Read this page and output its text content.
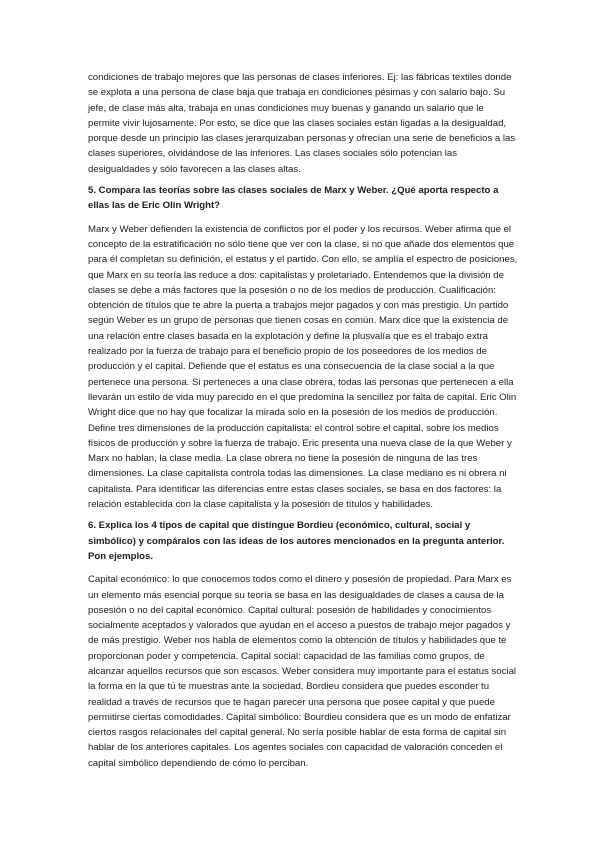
condiciones de trabajo mejores que las personas de clases inferiores. Ej: las fábricas textiles donde se explota a una persona de clase baja que trabaja en condiciones pésimas y con salario bajo. Su jefe, de clase más alta, trabaja en unas condiciones muy buenas y ganando un salario que le permite vivir lujosamente. Por esto, se dice que las clases sociales están ligadas a la desigualdad, porque desde un principio las clases jerarquizaban personas y ofrecían una serie de beneficios a las clases superiores, olvidándose de las inferiores. Las clases sociales sólo potencian las desigualdades y sólo favorecen a las clases altas.

5. Compara las teorías sobre las clases sociales de Marx y Weber. ¿Qué aporta respecto a ellas las de Eric Olin Wright?

Marx y Weber defienden la existencia de conflictos por el poder y los recursos. Weber afirma que el concepto de la estratificación no sólo tiene que ver con la clase, si no que añade dos elementos que para él completan su definición, el estatus y el partido. Con ello, se amplía el espectro de posiciones, que Marx en su teoría las reduce a dos: capitalistas y proletariado. Entendemos que la división de clases se debe a más factores que la posesión o no de los medios de producción. Cualificación: obtención de títulos que te abre la puerta a trabajos mejor pagados y con más prestigio. Un partido según Weber es un grupo de personas que tienen cosas en común. Marx dice que la existencia de una relación entre clases basada en la explotación y define la plusvalía que es el trabajo extra realizado por la fuerza de trabajo para el beneficio propio de los poseedores de los medios de producción y el capital. Defiende que el estatus es una consecuencia de la clase social a la que pertenece una persona. Si perteneces a una clase obrera, todas las personas que pertenecen a ella llevarán un estilo de vida muy parecido en el que predomina la sencillez por falta de capital. Eric Olin Wright dice que no hay que focalizar la mirada solo en la posesión de los medios de producción. Define tres dimensiones de la producción capitalista: el control sobre el capital, sobre los medios físicos de producción y sobre la fuerza de trabajo. Eric presenta una nueva clase de la que Weber y Marx no hablan, la clase media. La clase obrera no tiene la posesión de ninguna de las tres dimensiones. La clase capitalista controla todas las dimensiones. La clase mediano es ni obrera ni capitalista. Para identificar las diferencias entre estas clases sociales, se basa en dos factores: la relación establecida con la clase capitalista y la posesión de títulos y habilidades.

6. Explica los 4 tipos de capital que distingue Bordieu (económico, cultural, social y simbólico) y compáralos con las ideas de los autores mencionados en la pregunta anterior. Pon ejemplos.

Capital económico: lo que conocemos todos como el dinero y posesión de propiedad. Para Marx es un elemento más esencial porque su teoría se basa en las desigualdades de clases a causa de la posesión o no del capital económico. Capital cultural: posesión de habilidades y conocimientos socialmente aceptados y valorados que ayudan en el acceso a puestos de trabajo mejor pagados y de más prestigio. Weber nos habla de elementos como la obtención de títulos y habilidades que te proporcionan poder y competencia. Capital social: capacidad de las familias como grupos, de alcanzar aquellos recursos que son escasos. Weber considera muy importante para el estatus social la forma en la que tú te muestras ante la sociedad. Bordieu considera que puedes esconder tu realidad a través de recursos que te hagan parecer una persona que posee capital y que puede permitirse ciertas comodidades. Capital simbólico: Bourdieu considera que es un modo de enfatizar ciertos rasgos relacionales del capital general. No sería posible hablar de esta forma de capital sin hablar de los anteriores capitales. Los agentes sociales con capacidad de valoración conceden el capital simbólico dependiendo de cómo lo perciban.
